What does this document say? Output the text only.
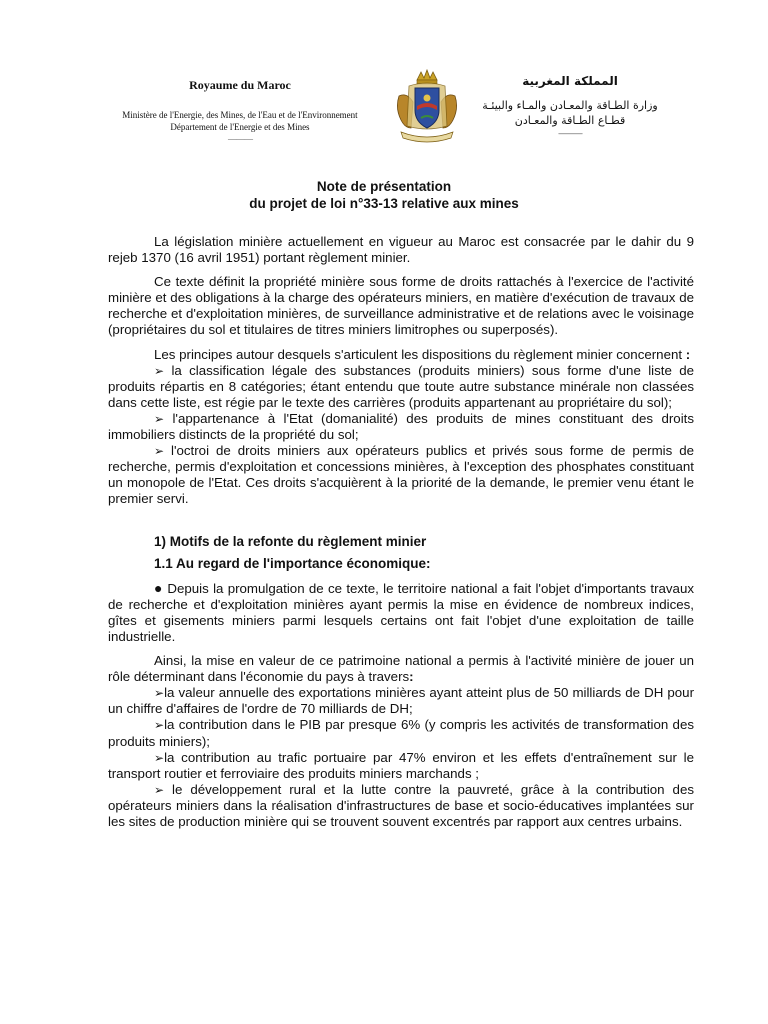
Royaume du Maroc
Ministère de l'Energie, des Mines, de l'Eau et de l'Environnement
Département de l'Energie et des Mines
———
المملكة المغربية
وزارة الطـاقة والمعـادن والمـاء والبيئـة
قطـاع الطـاقة والمعـادن
———
Note de présentation
du projet de loi n°33-13 relative aux mines

La législation minière actuellement en vigueur au Maroc est consacrée par le dahir du 9 rejeb 1370 (16 avril 1951) portant règlement minier.

Ce texte définit la propriété minière sous forme de droits rattachés à l'exercice de l'activité minière et des obligations à la charge des opérateurs miniers, en matière d'exécution de travaux de recherche et d'exploitation minières, de surveillance administrative et de relations avec le voisinage (propriétaires du sol et titulaires de titres miniers limitrophes ou superposés).

Les principes autour desquels s'articulent les dispositions du règlement minier concernent :

➢ la classification légale des substances (produits miniers) sous forme d'une liste de produits répartis en 8 catégories; étant entendu que toute autre substance minérale non classées dans cette liste, est régie par le texte des carrières (produits appartenant au propriétaire du sol);

➢ l'appartenance à l'Etat (domanialité) des produits de mines constituant des droits immobiliers distincts de la propriété du sol;

➢ l'octroi de droits miniers aux opérateurs publics et privés sous forme de permis de recherche, permis d'exploitation et concessions minières, à l'exception des phosphates constituant un monopole de l'Etat. Ces droits s'acquièrent à la priorité de la demande, le premier venu étant le premier servi.

1) Motifs de la refonte du règlement minier

1.1 Au regard de l'importance économique:

● Depuis la promulgation de ce texte, le territoire national a fait l'objet d'importants travaux de recherche et d'exploitation minières ayant permis la mise en évidence de nombreux indices, gîtes et gisements miniers parmi lesquels certains ont fait l'objet d'une exploitation de taille industrielle.

Ainsi, la mise en valeur de ce patrimoine national a permis à l'activité minière de jouer un rôle déterminant dans l'économie du pays à travers:

➢la valeur annuelle des exportations minières ayant atteint plus de 50 milliards de DH pour un chiffre d'affaires de l'ordre de 70 milliards de DH;

➢la contribution dans le PIB par presque 6% (y compris les activités de transformation des produits miniers);

➢la contribution au trafic portuaire par 47% environ et les effets d'entraînement sur le transport routier et ferroviaire des produits miniers marchands ;

➢ le développement rural et la lutte contre la pauvreté, grâce à la contribution des opérateurs miniers dans la réalisation d'infrastructures de base et socio-éducatives implantées sur les sites de production minière qui se trouvent souvent excentrés par rapport aux centres urbains.
